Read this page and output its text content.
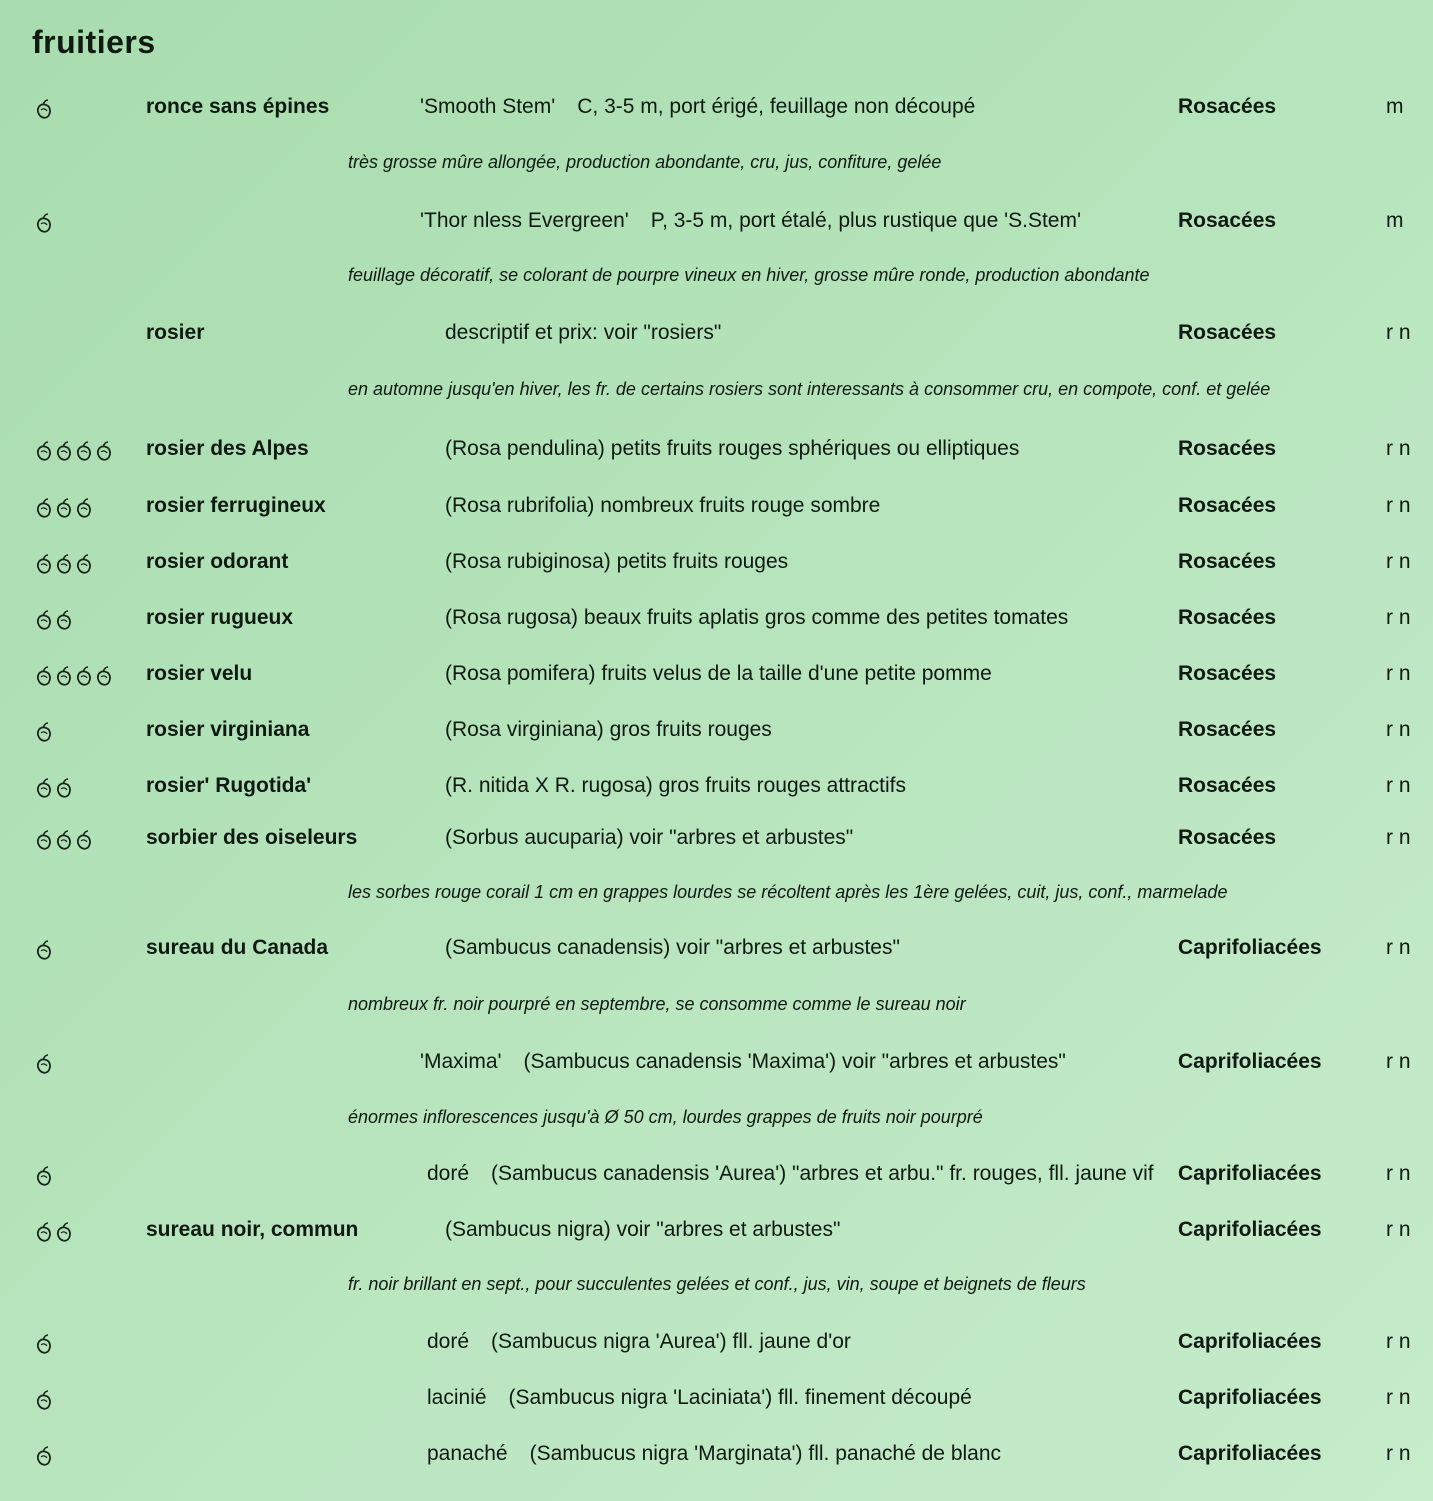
fruitiers
ronce sans épines	'Smooth Stem' C, 3-5 m, port érigé, feuillage non découpé	Rosacées	m
très grosse mûre allongée, production abondante, cru, jus, confiture, gelée
'Thor nless Evergreen' P, 3-5 m, port étalé, plus rustique que 'S.Stem'	Rosacées	m
feuillage décoratif, se colorant de pourpre vineux en hiver, grosse mûre ronde, production abondante
rosier	descriptif et prix: voir "rosiers"	Rosacées	r n
en automne jusqu'en hiver, les fr. de certains rosiers sont interessants à consommer cru, en compote, conf. et gelée
rosier des Alpes	(Rosa pendulina) petits fruits rouges sphériques ou elliptiques	Rosacées	r n
rosier ferrugineux	(Rosa rubrifolia) nombreux fruits rouge sombre	Rosacées	r n
rosier odorant	(Rosa rubiginosa) petits fruits rouges	Rosacées	r n
rosier rugueux	(Rosa rugosa) beaux fruits aplatis gros comme des petites tomates	Rosacées	r n
rosier velu	(Rosa pomifera) fruits velus de la taille d'une petite pomme	Rosacées	r n
rosier virginiana	(Rosa virginiana) gros fruits rouges	Rosacées	r n
rosier' Rugotida'	(R. nitida X R. rugosa) gros fruits rouges attractifs	Rosacées	r n
sorbier des oiseleurs	(Sorbus aucuparia) voir "arbres et arbustes"	Rosacées	r n
les sorbes rouge corail 1 cm en grappes lourdes se récoltent après les 1ère gelées, cuit, jus, conf., marmelade
sureau du Canada	(Sambucus canadensis) voir "arbres et arbustes"	Caprifoliacées	r n
nombreux fr. noir pourpré en septembre, se consomme comme le sureau noir
'Maxima' (Sambucus canadensis 'Maxima') voir "arbres et arbustes"	Caprifoliacées	r n
énormes inflorescences jusqu'à Ø 50 cm, lourdes grappes de fruits noir pourpré
doré (Sambucus canadensis 'Aurea') "arbres et arbu." fr. rouges, fll. jaune vif Caprifoliacées	r n
sureau noir, commun	(Sambucus nigra) voir "arbres et arbustes"	Caprifoliacées	r n
fr. noir brillant en sept., pour succulentes gelées et conf., jus, vin, soupe et beignets de fleurs
doré (Sambucus nigra 'Aurea') fll. jaune d'or	Caprifoliacées	r n
lacinié (Sambucus nigra 'Laciniata') fll. finement découpé	Caprifoliacées	r n
panaché (Sambucus nigra 'Marginata') fll. panaché de blanc	Caprifoliacées	r n
